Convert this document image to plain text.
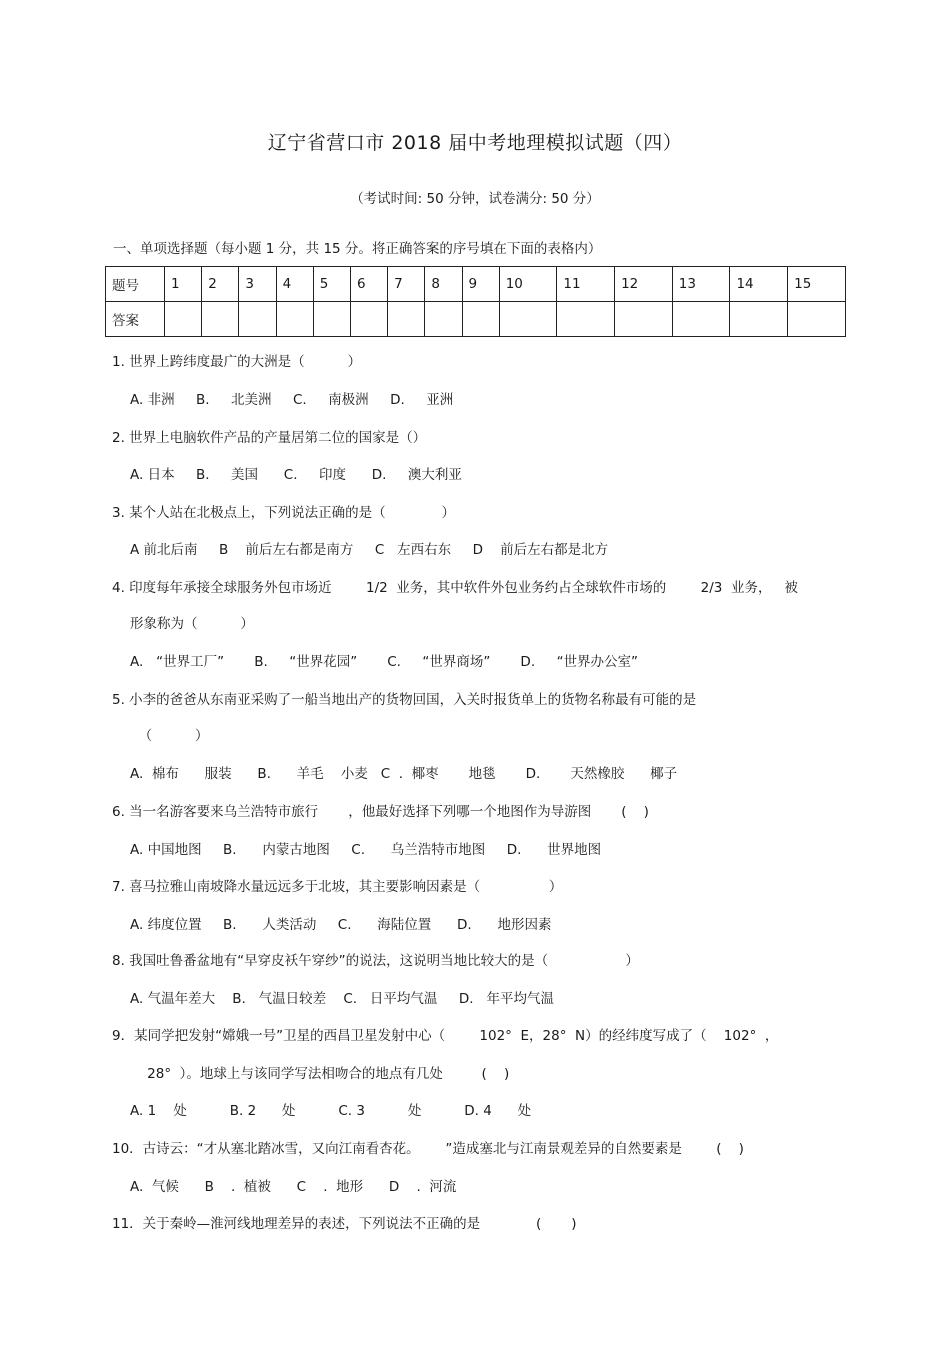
辽宁省营口市 2018 届中考地理模拟试题（四）
（考试时间: 50 分钟，试卷满分: 50 分）
一、单项选择题（每小题 1 分，共 15 分。将正确答案的序号填在下面的表格内）
题号	1	2	3	4	5	6	7	8	9	10	11	12	13	14	15
答案															
1. 世界上跨纬度最广的大洲是（          ）
A. 非洲     B.     北美洲     C.     南极洲     D.     亚洲
2. 世界上电脑软件产品的产量居第二位的国家是（）
A. 日本     B.     美国      C.     印度      D.     澳大利亚
3. 某个人站在北极点上，下列说法正确的是（             ）
A 前北后南     B    前后左右都是南方     C   左西右东     D    前后左右都是北方
4. 印度每年承接全球服务外包市场近        1/2  业务，其中软件外包业务约占全球软件市场的        2/3  业务，   被
形象称为（          ）
A.   “世界工厂”       B.     “世界花园”       C.     “世界商场”       D.     “世界办公室”
5. 小李的爸爸从东南亚采购了一船当地出产的货物回国，入关时报货单上的货物名称最有可能的是
（          ）
A.  棉布      服装      B.      羊毛    小麦   C  .  椰枣       地毯       D.       天然橡胶      椰子
6. 当一名游客要来乌兰浩特市旅行       ，他最好选择下列哪一个地图作为导游图       (    )
A. 中国地图     B.      内蒙古地图     C.      乌兰浩特市地图     D.      世界地图
7. 喜马拉雅山南坡降水量远远多于北坡，其主要影响因素是（                ）
A. 纬度位置     B.      人类活动     C.      海陆位置      D.      地形因素
8. 我国吐鲁番盆地有“早穿皮袄午穿纱”的说法，这说明当地比较大的是（                  ）
A. 气温年差大    B.   气温日较差    C.   日平均气温     D.   年平均气温
9．某同学把发射“嫦娥一号”卫星的西昌卫星发射中心（        102°  E，28°  N）的经纬度写成了（    102°  ，
28°  ）。地球上与该同学写法相吻合的地点有几处         (    )
A. 1    处          B. 2      处          C. 3          处          D. 4      处
10．古诗云：“才从塞北踏冰雪，又向江南看杏花。      ”造成塞北与江南景观差异的自然要素是        (    )
A.  气候      B    .  植被      C    .  地形      D    .  河流
11．关于秦岭—淮河线地理差异的表述，下列说法不正确的是             (       )
